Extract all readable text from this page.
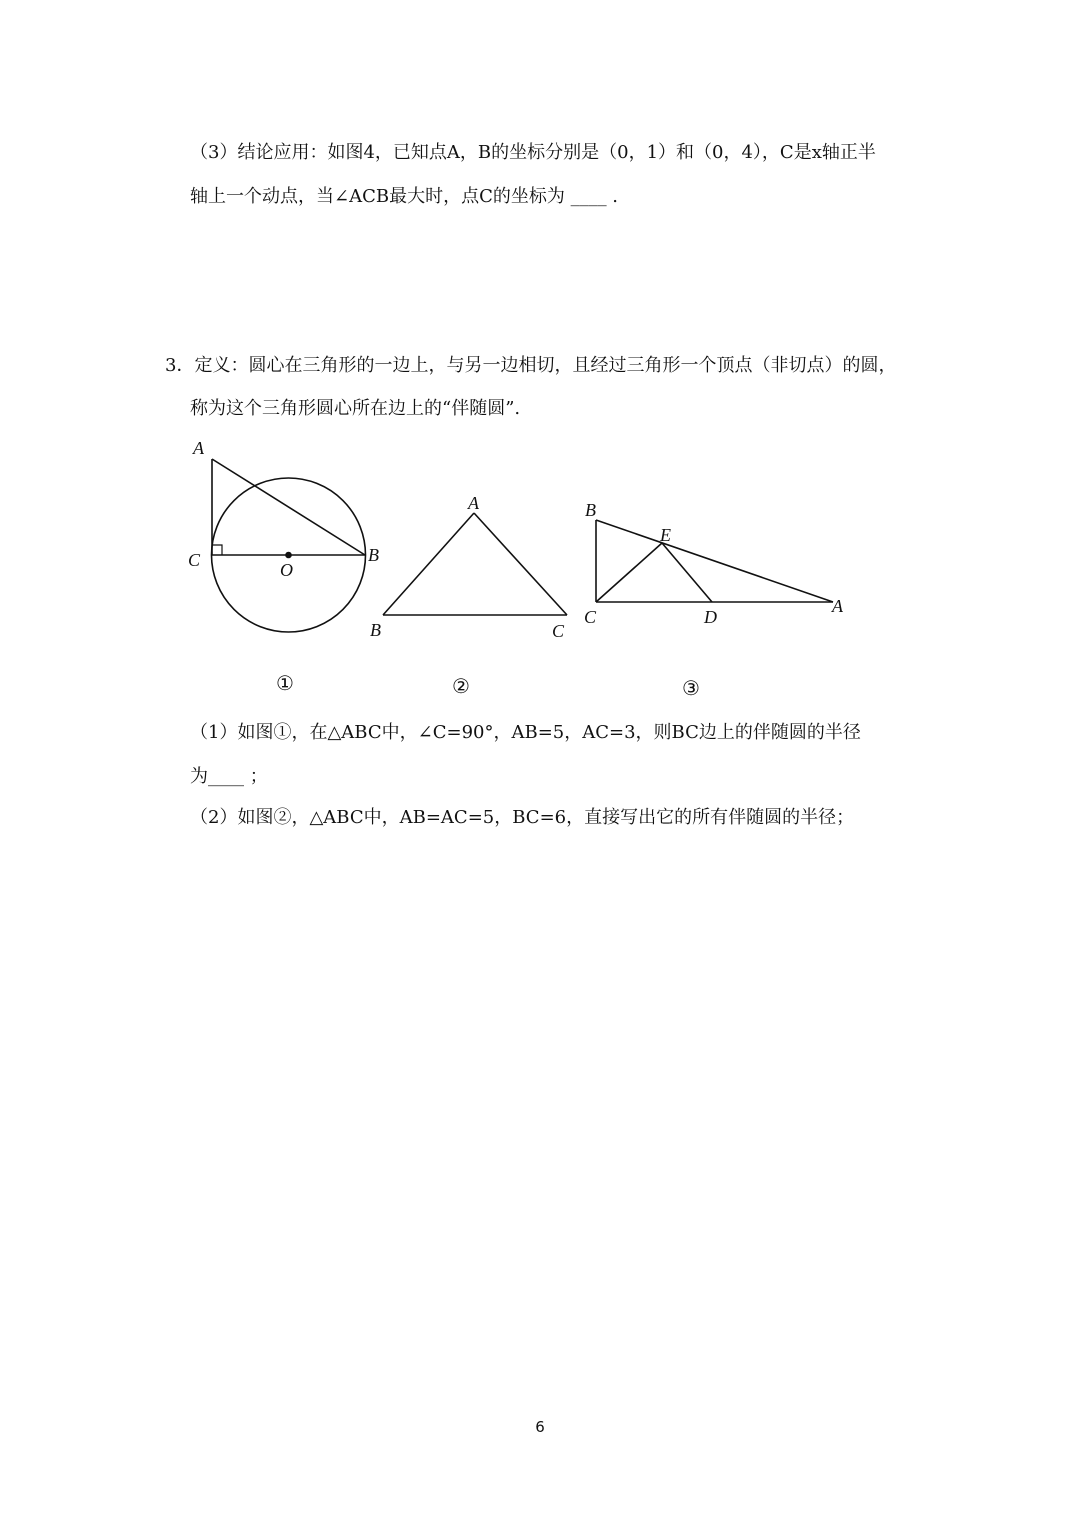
（3）结论应用：如图4，已知点A，B的坐标分别是（0，1）和（0，4），C是x轴正半
轴上一个动点，当∠ACB最大时，点C的坐标为 ____ .
3．定义：圆心在三角形的一边上，与另一边相切，且经过三角形一个顶点（非切点）的圆，
称为这个三角形圆心所在边上的“伴随圆”.
（1）如图①，在△ABC中，∠C=90°，AB=5，AC=3，则BC边上的伴随圆的半径
为____ ；
（2）如图②，△ABC中，AB=AC=5，BC=6，直接写出它的所有伴随圆的半径；
A
C	B
O
①
A
B	C
②
B
E
C	D
A
③
6
